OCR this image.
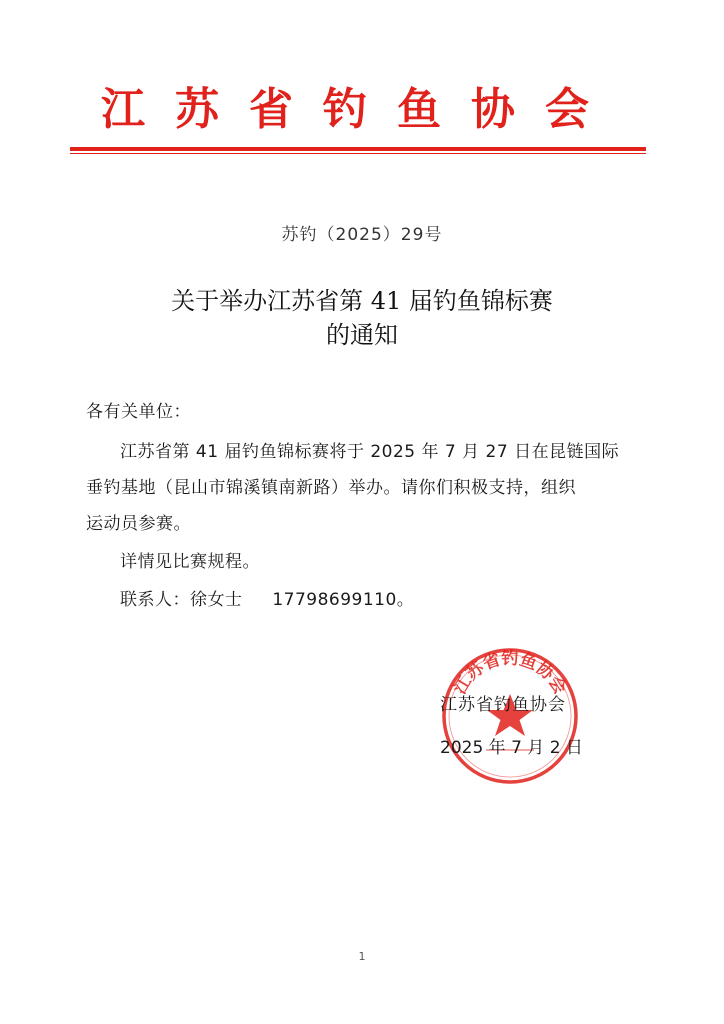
江苏省钓鱼协会
苏钓（2025）29号
关于举办江苏省第 41 届钓鱼锦标赛
的通知
各有关单位：
江苏省第 41 届钓鱼锦标赛将于 2025 年 7 月 27 日在昆链国际
垂钓基地（昆山市锦溪镇南新路）举办。请你们积极支持，组织
运动员参赛。
详情见比赛规程。
联系人：徐女士 17798699110。
江苏省钓鱼协会
江苏省钓鱼协会
2025 年 7 月 2 日
1
